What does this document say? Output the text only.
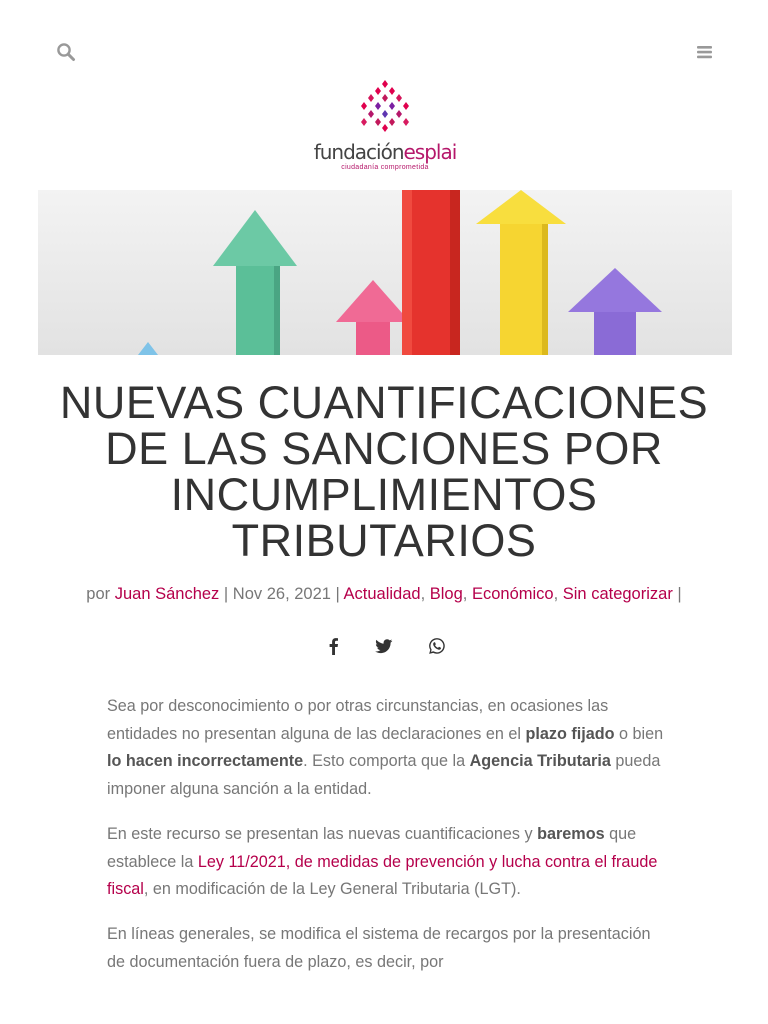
fundaciónesplai
ciudadanía comprometida
NUEVAS CUANTIFICACIONES DE LAS SANCIONES POR INCUMPLIMIENTOS TRIBUTARIOS
por Juan Sánchez | Nov 26, 2021 | Actualidad, Blog, Económico, Sin categorizar |

Sea por desconocimiento o por otras circunstancias, en ocasiones las entidades no presentan alguna de las declaraciones en el plazo fijado o bien lo hacen incorrectamente. Esto comporta que la Agencia Tributaria pueda imponer alguna sanción a la entidad.

En este recurso se presentan las nuevas cuantificaciones y baremos que establece la Ley 11/2021, de medidas de prevención y lucha contra el fraude fiscal, en modificación de la Ley General Tributaria (LGT).

En líneas generales, se modifica el sistema de recargos por la presentación de documentación fuera de plazo, es decir, por
